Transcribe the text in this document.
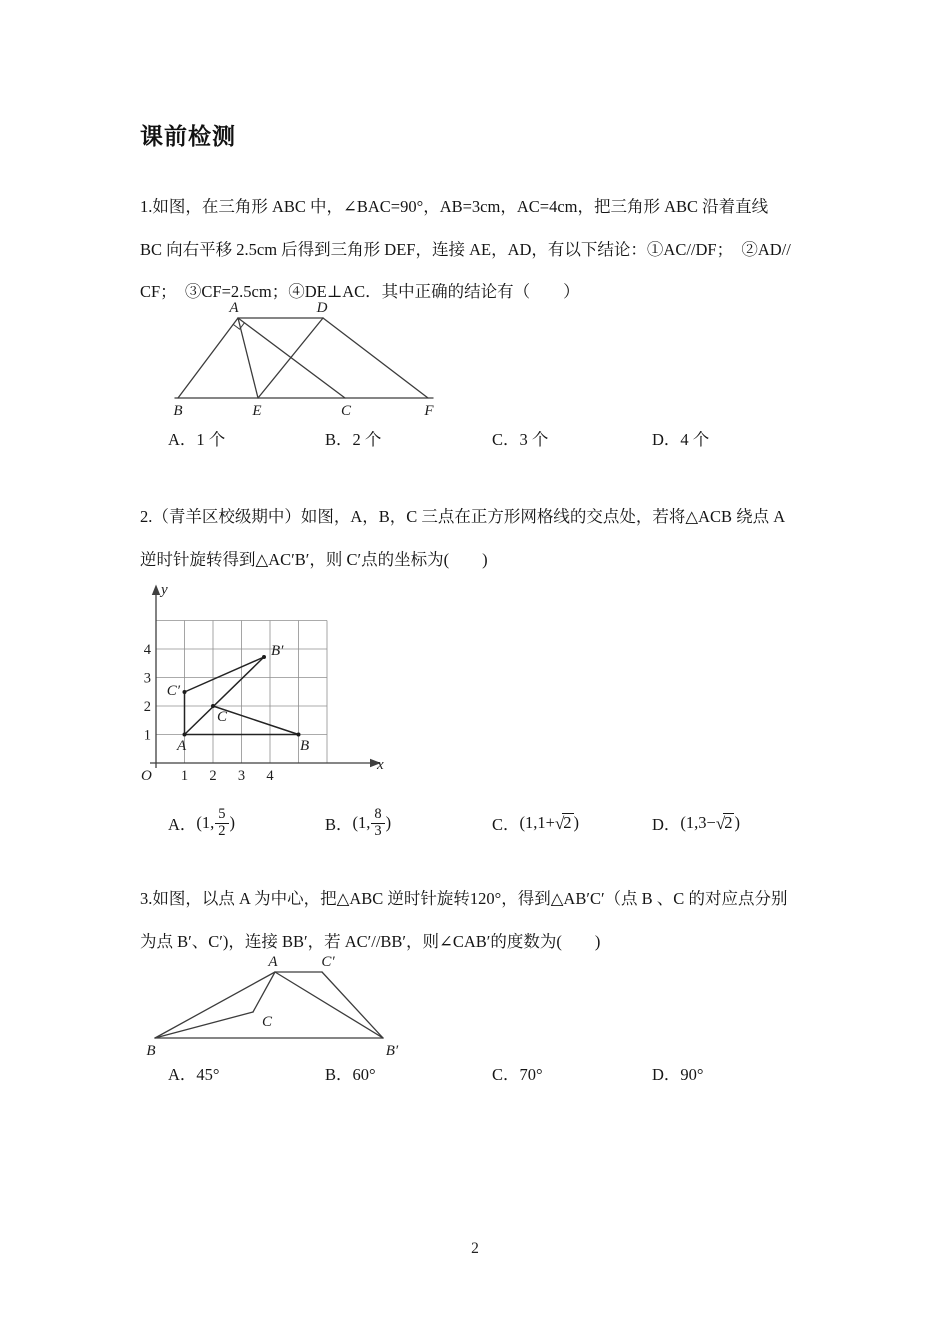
课前检测
1.如图，在三角形 ABC 中，∠BAC=90°，AB=3cm，AC=4cm，把三角形 ABC 沿着直线
BC 向右平移 2.5cm 后得到三角形 DEF，连接 AE，AD，有以下结论：①AC//DF；  ②AD//
CF；  ③CF=2.5cm；④DE⊥AC．其中正确的结论有（　　）
A	D
B	E	C	F
A．1 个	B．2 个	C．3 个	D．4 个
2.（青羊区校级期中）如图，A，B，C 三点在正方形网格线的交点处，若将△ACB 绕点 A
逆时针旋转得到△AC′B′，则 C′点的坐标为(　　)
O
x
y
1 2 3 4
1
2
3
4
A	B
C
C′
B′
A． (1, $\frac{5}{2}$ )	B． (1, $\frac{8}{3}$ )	C． (1,1+ √ 2 )	D． (1,3− √ 2 )
3.如图，以点 A 为中心，把△ABC 逆时针旋转120°，得到△AB′C′（点 B 、C 的对应点分别
为点 B′、C′)，连接 BB′，若 AC′//BB′，则∠CAB′的度数为(　　)
A	C′
B	B′
C
A．45°	B．60°	C．70°	D．90°
2
